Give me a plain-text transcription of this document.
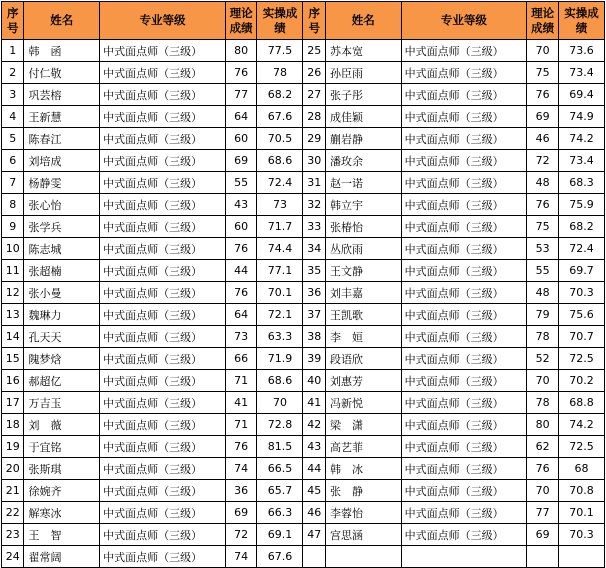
序号	姓名	专业等级	理论成绩	实操成绩	序号	姓名	专业等级	理论成绩	实操成绩
1	韩　函	中式面点师（三级）	80	77.5	25	苏本宽	中式面点师（三级）	70	73.6
2	付仁敬	中式面点师（三级）	76	78	26	孙臣雨	中式面点师（三级）	75	73.4
3	巩芸榕	中式面点师（三级）	77	68.2	27	张子彤	中式面点师（三级）	76	69.4
4	王新慧	中式面点师（三级）	64	67.6	28	成佳颖	中式面点师（三级）	69	74.9
5	陈春江	中式面点师（三级）	60	70.5	29	蒯岩静	中式面点师（三级）	46	74.2
6	刘培成	中式面点师（三级）	69	68.6	30	潘玫余	中式面点师（三级）	72	73.4
7	杨静雯	中式面点师（三级）	55	72.4	31	赵一诺	中式面点师（三级）	48	68.3
8	张心怡	中式面点师（三级）	43	73	32	韩立宇	中式面点师（三级）	76	75.9
9	张学兵	中式面点师（三级）	60	71.7	33	张椿怡	中式面点师（三级）	75	68.2
10	陈志城	中式面点师（三级）	76	74.4	34	丛欣雨	中式面点师（三级）	53	72.4
11	张超楠	中式面点师（三级）	44	77.1	35	王文静	中式面点师（三级）	55	69.7
12	张小曼	中式面点师（三级）	76	70.1	36	刘丰嘉	中式面点师（三级）	48	70.3
13	魏琳力	中式面点师（三级）	64	72.1	37	王凯歌	中式面点师（三级）	79	75.6
14	孔天天	中式面点师（三级）	73	63.3	38	李　姮	中式面点师（三级）	78	70.7
15	隗梦焓	中式面点师（三级）	66	71.9	39	段语欣	中式面点师（三级）	52	72.5
16	郝超亿	中式面点师（三级）	71	68.6	40	刘惠芳	中式面点师（三级）	70	70.2
17	万吉玉	中式面点师（三级）	41	70	41	冯新悦	中式面点师（三级）	78	68.8
18	刘　薇	中式面点师（三级）	71	72.8	42	梁　潇	中式面点师（三级）	80	74.2
19	于宜铭	中式面点师（三级）	76	81.5	43	高艺菲	中式面点师（三级）	62	72.5
20	张斯琪	中式面点师（三级）	74	66.5	44	韩　冰	中式面点师（三级）	76	68
21	徐婉齐	中式面点师（三级）	36	65.7	45	张　静	中式面点师（三级）	70	70.8
22	解寒冰	中式面点师（三级）	69	66.3	46	李蓉怡	中式面点师（三级）	77	70.1
23	王　智	中式面点师（三级）	72	69.1	47	宫思涵	中式面点师（三级）	69	70.3
24	翟常阔	中式面点师（三级）	74	67.6					
